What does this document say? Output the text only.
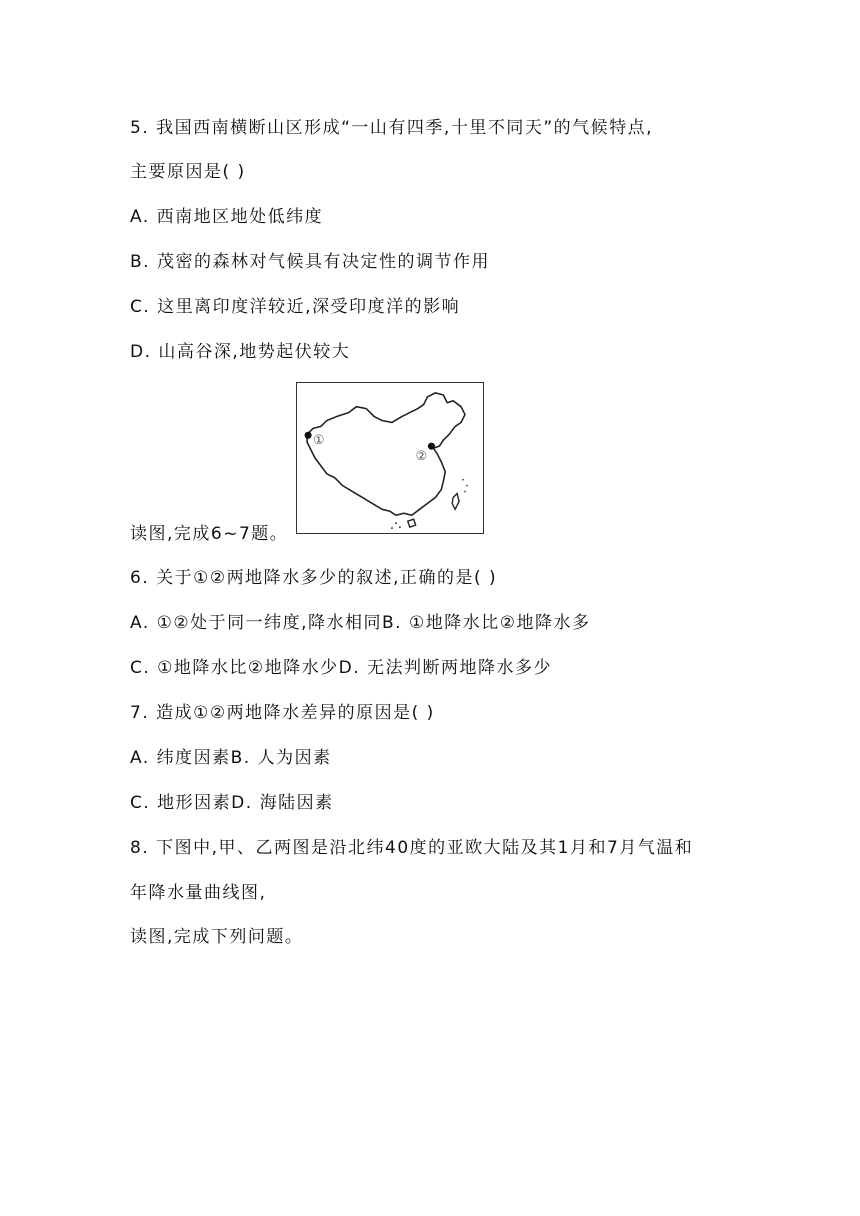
5. 我国西南横断山区形成“一山有四季,十里不同天”的气候特点,
主要原因是( )
A. 西南地区地处低纬度
B. 茂密的森林对气候具有决定性的调节作用
C. 这里离印度洋较近,深受印度洋的影响
D. 山高谷深,地势起伏较大
①
②
读图,完成6~7题。
6. 关于①②两地降水多少的叙述,正确的是( )
A. ①②处于同一纬度,降水相同B. ①地降水比②地降水多
C. ①地降水比②地降水少D. 无法判断两地降水多少
7. 造成①②两地降水差异的原因是( )
A. 纬度因素B. 人为因素
C. 地形因素D. 海陆因素
8. 下图中,甲、乙两图是沿北纬40度的亚欧大陆及其1月和7月气温和
年降水量曲线图,
读图,完成下列问题。
